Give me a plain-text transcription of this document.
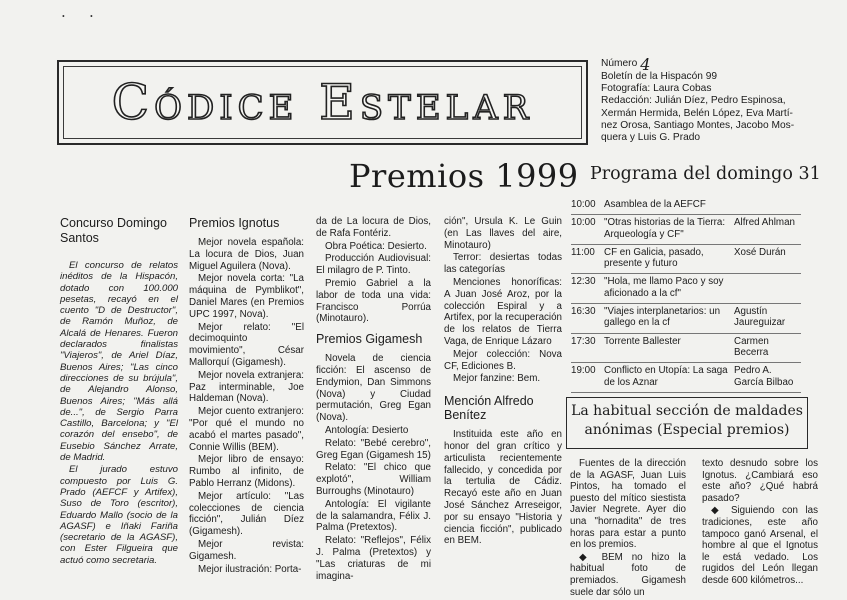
•	•
Códice Estelar
Número 4
Boletín de la Hispacón 99
Fotografía: Laura Cobas
Redacción: Julián Díez, Pedro Espinosa,
Xermán Hermida, Belén López, Eva Martí-
nez Orosa, Santiago Montes, Jacobo Mos-
quera y Luis G. Prado
Premios 1999 Programa del domingo 31
Concurso Domingo Santos

El concurso de relatos inéditos de la Hispacón, dotado con 100.000 pesetas, recayó en el cuento "D de Destructor", de Ramón Muñoz, de Alcalá de Henares. Fueron declarados finalistas "Viajeros", de Ariel Díaz, Buenos Aires; "Las cinco direcciones de su brújula", de Alejandro Alonso, Buenos Aires; "Más allá de...", de Sergio Parra Castillo, Barcelona; y "El corazón del ensebo", de Eusebio Sánchez Arrate, de Madrid.

El jurado estuvo compuesto por Luis G. Prado (AEFCF y Artifex), Suso de Toro (escritor), Eduardo Mallo (socio de la AGASF) e Iñaki Fariña (secretario de la AGASF), con Ester Filgueira que actuó como secretaria.

Premios Ignotus

Mejor novela española: La locura de Dios, Juan Miguel Aguilera (Nova).

Mejor novela corta: "La máquina de Pymblikot", Daniel Mares (en Premios UPC 1997, Nova).

Mejor relato: "El decimoquinto movimiento", César Mallorquí (Gigamesh).

Mejor novela extranjera: Paz interminable, Joe Haldeman (Nova).

Mejor cuento extranjero: "Por qué el mundo no acabó el martes pasado", Connie Willis (BEM).

Mejor libro de ensayo: Rumbo al infinito, de Pablo Herranz (Midons).

Mejor artículo: "Las colecciones de ciencia ficción", Julián Díez (Gigamesh).

Mejor revista: Gigamesh.

Mejor ilustración: Porta-

da de La locura de Dios, de Rafa Fontériz.

Obra Poética: Desierto.

Producción Audiovisual: El milagro de P. Tinto.

Premio Gabriel a la labor de toda una vida: Francisco Porrúa (Minotauro).

Premios Gigamesh

Novela de ciencia ficción: El ascenso de Endymion, Dan Simmons (Nova) y Ciudad permutación, Greg Egan (Nova).

Antología: Desierto

Relato: "Bebé cerebro", Greg Egan (Gigamesh 15)

Relato: "El chico que explotó", William Burroughs (Minotauro)

Antología: El vigilante de la salamandra, Félix J. Palma (Pretextos).

Relato: "Reflejos", Félix J. Palma (Pretextos) y "Las criaturas de mi imagina-

ción", Ursula K. Le Guin (en Las llaves del aire, Minotauro)

Terror: desiertas todas las categorías

Menciones honoríficas: A Juan José Aroz, por la colección Espiral y a Artifex, por la recuperación de los relatos de Tierra Vaga, de Enrique Lázaro

Mejor colección: Nova CF, Ediciones B.

Mejor fanzine: Bem.

Mención Alfredo Benítez

Instituida este año en honor del gran crítico y articulista recientemente fallecido, y concedida por la tertulia de Cádiz. Recayó este año en Juan José Sánchez Arreseigor, por su ensayo "Historia y ciencia ficción", publicado en BEM.

10:00 Asamblea de la AEFCF
10:00 "Otras historias de la Tierra: Arqueología y CF"
Alfred Ahlman
11:00 CF en Galicia, pasado, presente y futuro
Xosé Durán
12:30 "Hola, me llamo Paco y soy aficionado a la cf"
16:30 "Viajes interplanetarios: un gallego en la cf
Agustín Jaureguizar
17:30 Torrente Ballester	Carmen Becerra
19:00 Conflicto en Utopía: La saga de los Aznar
Pedro A. García Bilbao
La habitual sección de maldades
anónimas (Especial premios)

Fuentes de la dirección de la AGASF, Juan Luis Pintos, ha tomado el puesto del mítico siestista Javier Negrete. Ayer dio una "hornadita" de tres horas para estar a punto en los premios.

◆ BEM no hizo la habitual foto de premiados. Gigamesh suele dar sólo un

texto desnudo sobre los Ignotus. ¿Cambiará eso este año? ¿Qué habrá pasado?

◆ Siguiendo con las tradiciones, este año tampoco ganó Arsenal, el hombre al que el Ignotus le está vedado. Los rugidos del León llegan desde 600 kilómetros...
